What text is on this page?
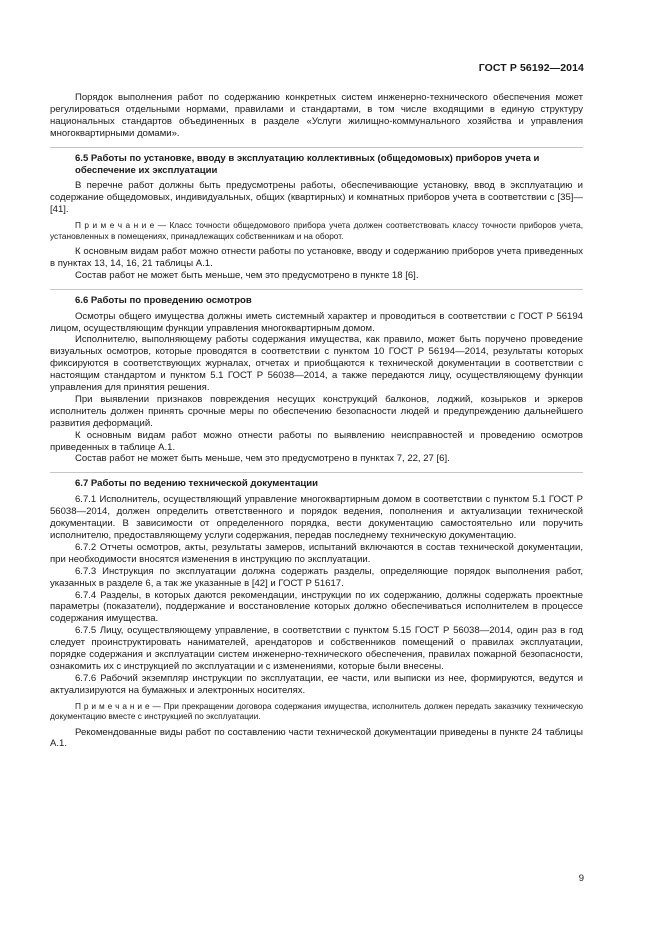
ГОСТ Р 56192—2014

Порядок выполнения работ по содержанию конкретных систем инженерно-технического обеспечения может регулироваться отдельными нормами, правилами и стандартами, в том числе входящими в единую структуру национальных стандартов объединенных в разделе «Услуги жилищно-коммунального хозяйства и управления многоквартирными домами».

6.5 Работы по установке, вводу в эксплуатацию коллективных (общедомовых) приборов учета и обеспечение их эксплуатации

В перечне работ должны быть предусмотрены работы, обеспечивающие установку, ввод в эксплуатацию и содержание общедомовых, индивидуальных, общих (квартирных) и комнатных приборов учета в соответствии с [35]—[41].

П р и м е ч а н и е — Класс точности общедомового прибора учета должен соответствовать классу точности приборов учета, установленных в помещениях, принадлежащих собственникам и на оборот.

К основным видам работ можно отнести работы по установке, вводу и содержанию приборов учета приведенных в пунктах 13, 14, 16, 21 таблицы А.1.

Состав работ не может быть меньше, чем это предусмотрено в пункте 18 [6].

6.6 Работы по проведению осмотров

Осмотры общего имущества должны иметь системный характер и проводиться в соответствии с ГОСТ Р 56194 лицом, осуществляющим функции управления многоквартирным домом.

Исполнителю, выполняющему работы содержания имущества, как правило, может быть поручено проведение визуальных осмотров, которые проводятся в соответствии с пунктом 10 ГОСТ Р 56194—2014, результаты которых фиксируются в соответствующих журналах, отчетах и приобщаются к технической документации в соответствии с настоящим стандартом и пунктом 5.1 ГОСТ Р 56038—2014, а также передаются лицу, осуществляющему функции управления для принятия решения.

При выявлении признаков повреждения несущих конструкций балконов, лоджий, козырьков и эркеров исполнитель должен принять срочные меры по обеспечению безопасности людей и предупреждению дальнейшего развития деформаций.

К основным видам работ можно отнести работы по выявлению неисправностей и проведению осмотров приведенных в таблице А.1.

Состав работ не может быть меньше, чем это предусмотрено в пунктах 7, 22, 27 [6].

6.7 Работы по ведению технической документации

6.7.1 Исполнитель, осуществляющий управление многоквартирным домом в соответствии с пунктом 5.1 ГОСТ Р 56038—2014, должен определить ответственного и порядок ведения, пополнения и актуализации технической документации. В зависимости от определенного порядка, вести документацию самостоятельно или поручить исполнителю, предоставляющему услуги содержания, передав последнему техническую документацию.

6.7.2 Отчеты осмотров, акты, результаты замеров, испытаний включаются в состав технической документации, при необходимости вносятся изменения в инструкцию по эксплуатации.

6.7.3 Инструкция по эксплуатации должна содержать разделы, определяющие порядок выполнения работ, указанных в разделе 6, а так же указанные в [42] и ГОСТ Р 51617.

6.7.4 Разделы, в которых даются рекомендации, инструкции по их содержанию, должны содержать проектные параметры (показатели), поддержание и восстановление которых должно обеспечиваться исполнителем в процессе содержания имущества.

6.7.5 Лицу, осуществляющему управление, в соответствии с пунктом 5.15 ГОСТ Р 56038—2014, один раз в год следует проинструктировать нанимателей, арендаторов и собственников помещений о правилах эксплуатации, порядке содержания и эксплуатации систем инженерно-технического обеспечения, правилах пожарной безопасности, ознакомить их с инструкцией по эксплуатации и с изменениями, которые были внесены.

6.7.6 Рабочий экземпляр инструкции по эксплуатации, ее части, или выписки из нее, формируются, ведутся и актуализируются на бумажных и электронных носителях.

П р и м е ч а н и е — При прекращении договора содержания имущества, исполнитель должен передать заказчику техническую документацию вместе с инструкцией по эксплуатации.

Рекомендованные виды работ по составлению части технической документации приведены в пункте 24 таблицы А.1.

9
